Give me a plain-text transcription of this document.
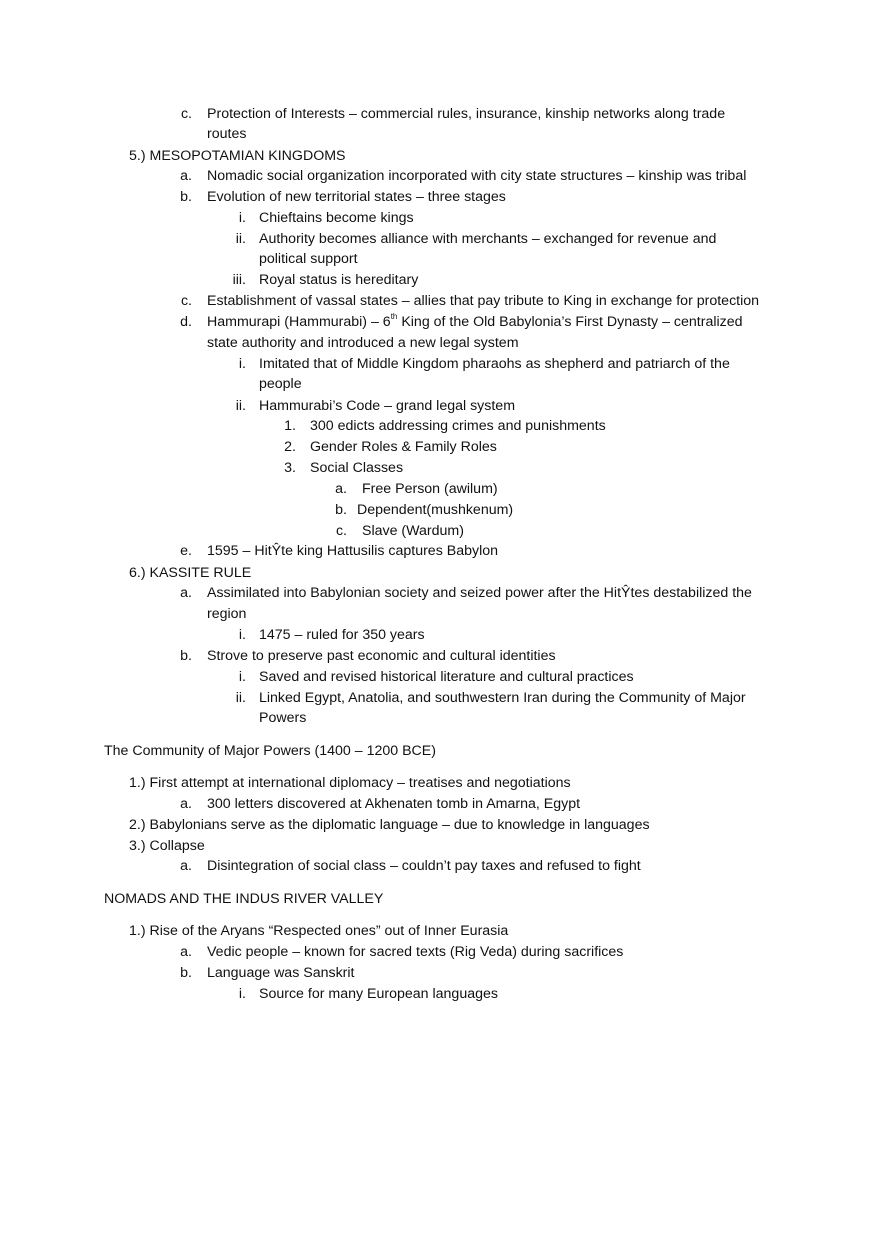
c. Protection of Interests – commercial rules, insurance, kinship networks along trade
routes
5.) MESOPOTAMIAN KINGDOMS
a. Nomadic social organization incorporated with city state structures – kinship was tribal
b. Evolution of new territorial states – three stages
i. Chieftains become kings
ii. Authority becomes alliance with merchants – exchanged for revenue and
political support
iii. Royal status is hereditary
c. Establishment of vassal states – allies that pay tribute to King in exchange for protection
d. Hammurapi (Hammurabi) – 6th King of the Old Babylonia’s First Dynasty – centralized
state authority and introduced a new legal system
i. Imitated that of Middle Kingdom pharaohs as shepherd and patriarch of the
people
ii. Hammurabi’s Code – grand legal system
1. 300 edicts addressing crimes and punishments
2. Gender Roles & Family Roles
3. Social Classes
a. Free Person (awilum)
b. Dependent(mushkenum)
c. Slave (Wardum)
e. 1595 – HitŶte king Hattusilis captures Babylon
6.) KASSITE RULE
a. Assimilated into Babylonian society and seized power after the HitŶtes destabilized the
region
i. 1475 – ruled for 350 years
b. Strove to preserve past economic and cultural identities
i. Saved and revised historical literature and cultural practices
ii. Linked Egypt, Anatolia, and southwestern Iran during the Community of Major
Powers
The Community of Major Powers (1400 – 1200 BCE)
1.) First attempt at international diplomacy – treatises and negotiations
a. 300 letters discovered at Akhenaten tomb in Amarna, Egypt
2.) Babylonians serve as the diplomatic language – due to knowledge in languages
3.) Collapse
a. Disintegration of social class – couldn’t pay taxes and refused to fight
NOMADS AND THE INDUS RIVER VALLEY
1.) Rise of the Aryans “Respected ones” out of Inner Eurasia
a. Vedic people – known for sacred texts (Rig Veda) during sacrifices
b. Language was Sanskrit
i. Source for many European languages
